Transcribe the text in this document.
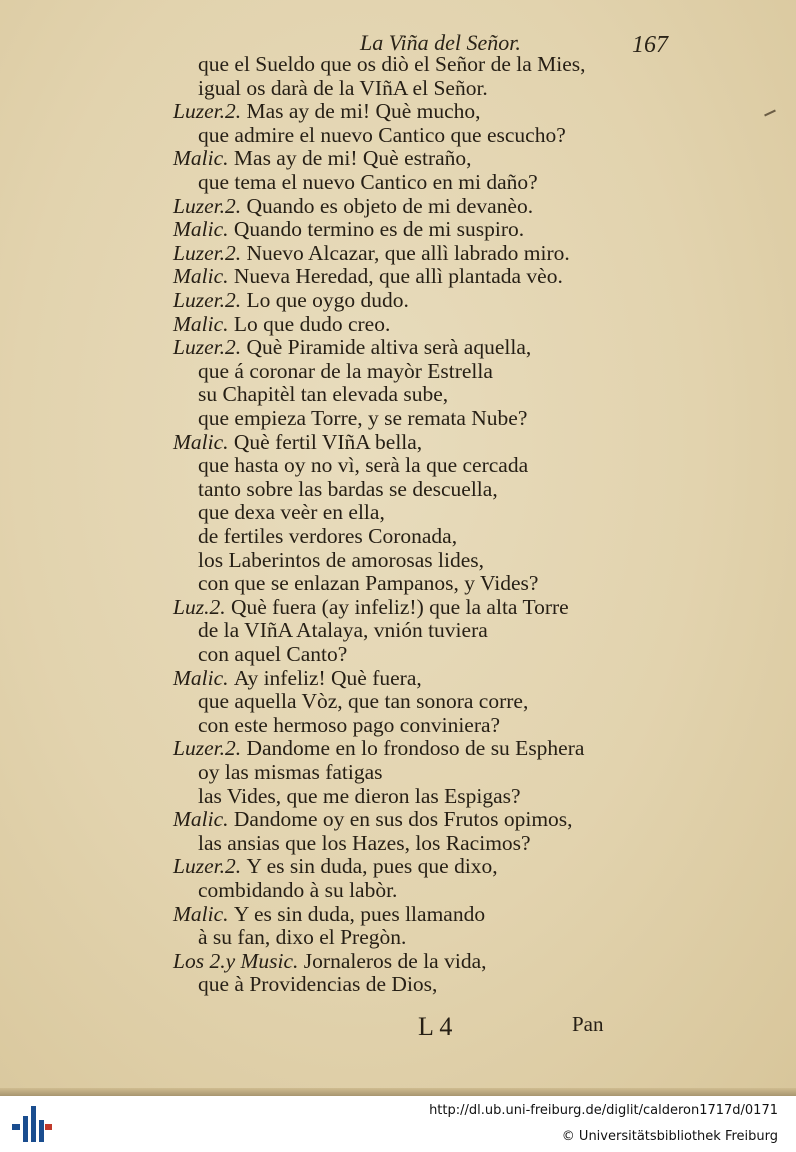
La Viña del Señor.	167
que el Sueldo que os diò el Señor de la Mies,
igual os darà de la VIñA el Señor.
Luzer.2. Mas ay de mi! Què mucho,
que admire el nuevo Cantico que escucho?
Malic. Mas ay de mi! Què estraño,
que tema el nuevo Cantico en mi daño?
Luzer.2. Quando es objeto de mi devanèo.
Malic. Quando termino es de mi suspiro.
Luzer.2. Nuevo Alcazar, que allì labrado miro.
Malic. Nueva Heredad, que allì plantada vèo.
Luzer.2. Lo que oygo dudo.
Malic. Lo que dudo creo.
Luzer.2. Què Piramide altiva serà aquella,
que á coronar de la mayòr Estrella
su Chapitèl tan elevada sube,
que empieza Torre, y se remata Nube?
Malic. Què fertil VIñA bella,
que hasta oy no vì, serà la que cercada
tanto sobre las bardas se descuella,
que dexa veèr en ella,
de fertiles verdores Coronada,
los Laberintos de amorosas lides,
con que se enlazan Pampanos, y Vides?
Luz.2. Què fuera (ay infeliz!) que la alta Torre
de la VIñA Atalaya, vnión tuviera
con aquel Canto?
Malic. Ay infeliz! Què fuera,
que aquella Vòz, que tan sonora corre,
con este hermoso pago conviniera?
Luzer.2. Dandome en lo frondoso de su Esphera
oy las mismas fatigas
las Vides, que me dieron las Espigas?
Malic. Dandome oy en sus dos Frutos opimos,
las ansias que los Hazes, los Racimos?
Luzer.2. Y es sin duda, pues que dixo,
combidando à su labòr.
Malic. Y es sin duda, pues llamando
à su fan, dixo el Pregòn.
Los 2.y Music. Jornaleros de la vida,
que à Providencias de Dios,
L 4	Pan
http://dl.ub.uni-freiburg.de/diglit/calderon1717d/0171
© Universitätsbibliothek Freiburg
